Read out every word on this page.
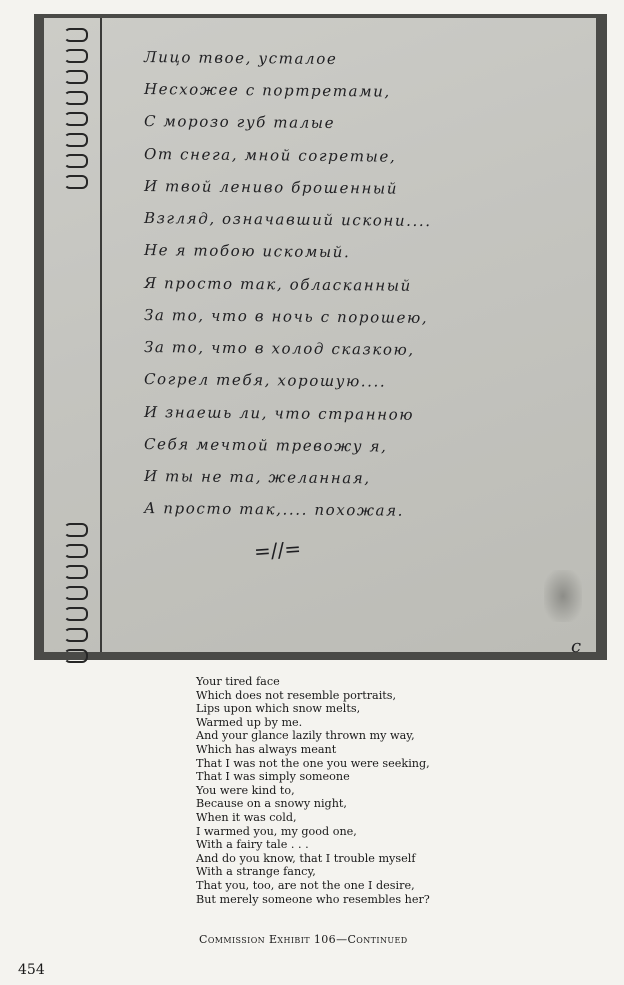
Лицо твое, усталое
Несхожее с портретами,
С морозо губ талые
От снега, мной согретые,
И твой лениво брошенный
Взгляд, означавший искони....
Не я тобою искомый.
Я просто так, обласканный
За то, что в ночь с порошею,
За то, что в холод сказкою,
Согрел тебя, хорошую....
И знаешь ли, что странною
Себя мечтой тревожу я,
И ты не та, желанная,
А просто так,.... похожая.
=//=
c
Your tired face
Which does not resemble portraits,
Lips upon which snow melts,
Warmed up by me.
And your glance lazily thrown my way,
Which has always meant
That I was not the one you were seeking,
That I was simply someone
You were kind to,
Because on a snowy night,
When it was cold,
I warmed you, my good one,
With a fairy tale . . .
And do you know, that I trouble myself
With a strange fancy,
That you, too, are not the one I desire,
But merely someone who resembles her?
Commission Exhibit 106—Continued
454
